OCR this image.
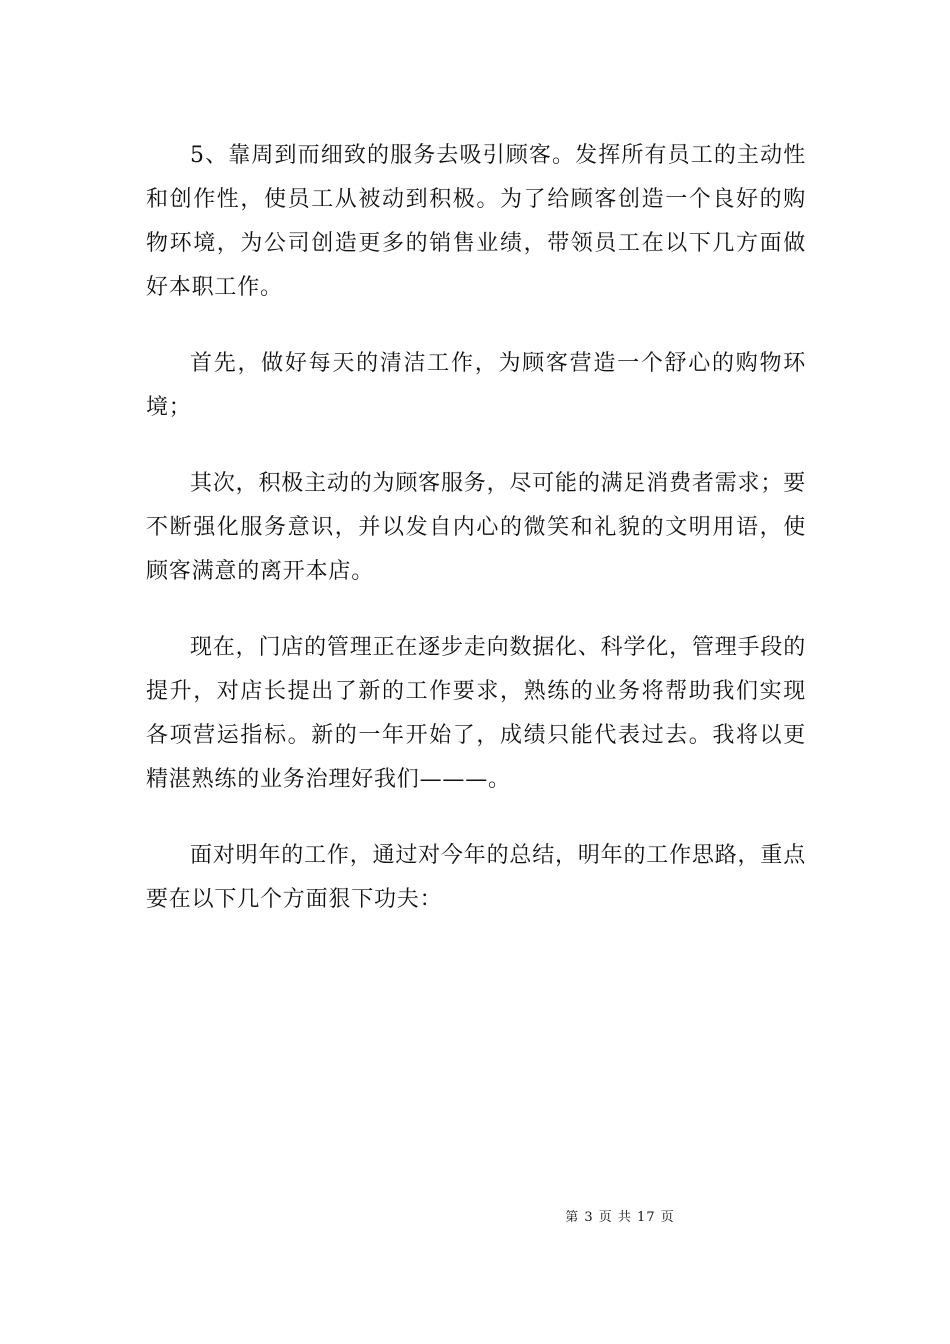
5、靠周到而细致的服务去吸引顾客。发挥所有员工的主动性和创作性，使员工从被动到积极。为了给顾客创造一个良好的购物环境，为公司创造更多的销售业绩，带领员工在以下几方面做好本职工作。

首先，做好每天的清洁工作，为顾客营造一个舒心的购物环境；

其次，积极主动的为顾客服务，尽可能的满足消费者需求；要不断强化服务意识，并以发自内心的微笑和礼貌的文明用语，使顾客满意的离开本店。

现在，门店的管理正在逐步走向数据化、科学化，管理手段的提升，对店长提出了新的工作要求，熟练的业务将帮助我们实现各项营运指标。新的一年开始了，成绩只能代表过去。我将以更精湛熟练的业务治理好我们———。

面对明年的工作，通过对今年的总结，明年的工作思路，重点要在以下几个方面狠下功夫：

第 3 页 共 17 页
